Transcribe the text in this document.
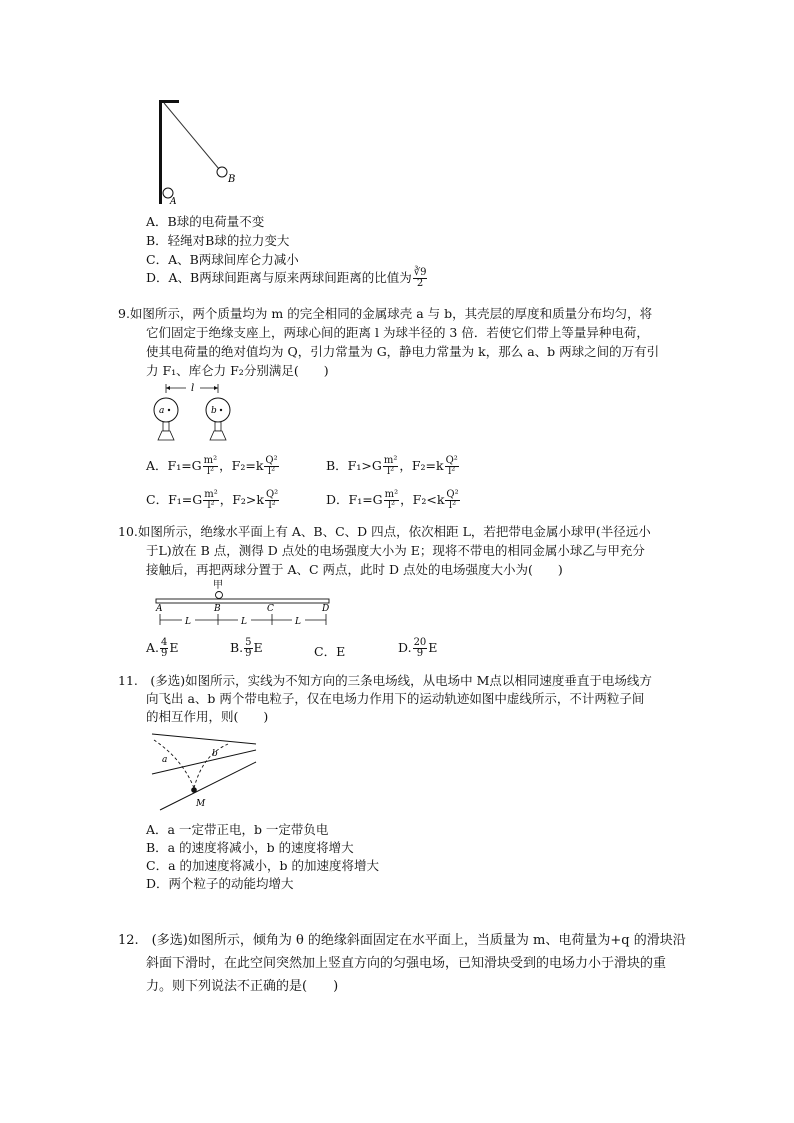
B
A
A．B球的电荷量不变
B．轻绳对B球的拉力变大
C．A、B两球间库仑力减小
D．A、B两球间距离与原来两球间距离的比值为 $\frac{∛9}{2}$
9.如图所示，两个质量均为 m 的完全相同的金属球壳 a 与 b，其壳层的厚度和质量分布均匀，将
它们固定于绝缘支座上，两球心间的距离 l 为球半径的 3 倍．若使它们带上等量异种电荷，
使其电荷量的绝对值均为 Q，引力常量为 G，静电力常量为 k，那么 a、b 两球之间的万有引
力 F₁、库仑力 F₂分别满足(　　)
l
a	b
A．$F_1=G \frac{\text{m²}}{\text{l²}}$ ，$F_2=k \frac{\text{Q²}}{\text{l²}}$	B．$F_1>G \frac{\text{m²}}{\text{l²}}$ ，$F_2=k \frac{\text{Q²}}{\text{l²}}$
C．$F_1=G \frac{\text{m²}}{\text{l²}}$ ，$F_2>k \frac{\text{Q²}}{\text{l²}}$	D．$F_1=G \frac{\text{m²}}{\text{l²}}$ ，$F_2<k \frac{\text{Q²}}{\text{l²}}$
10.如图所示，绝缘水平面上有 A、B、C、D 四点，依次相距 L，若把带电金属小球甲(半径远小
于L)放在 B 点，测得 D 点处的电场强度大小为 E；现将不带电的相同金属小球乙与甲充分
接触后，再把两球分置于 A、C 两点，此时 D 点处的电场强度大小为(　　)
甲
A	B	C	D
L	L	L
A. $\frac{4}{9}$ E	B. $\frac{5}{9}$ E	C．E	D. $\frac{20}{9}$ E
11.　(多选)如图所示，实线为不知方向的三条电场线，从电场中 M点以相同速度垂直于电场线方
向飞出 a、b 两个带电粒子，仅在电场力作用下的运动轨迹如图中虚线所示，不计两粒子间
的相互作用，则(　　)
a
b
M
A．a 一定带正电，b 一定带负电
B．a 的速度将减小，b 的速度将增大
C．a 的加速度将减小，b 的加速度将增大
D．两个粒子的动能均增大
12.　(多选)如图所示，倾角为 θ 的绝缘斜面固定在水平面上，当质量为 m、电荷量为+q 的滑块沿
斜面下滑时，在此空间突然加上竖直方向的匀强电场，已知滑块受到的电场力小于滑块的重
力。则下列说法不正确的是(　　)
